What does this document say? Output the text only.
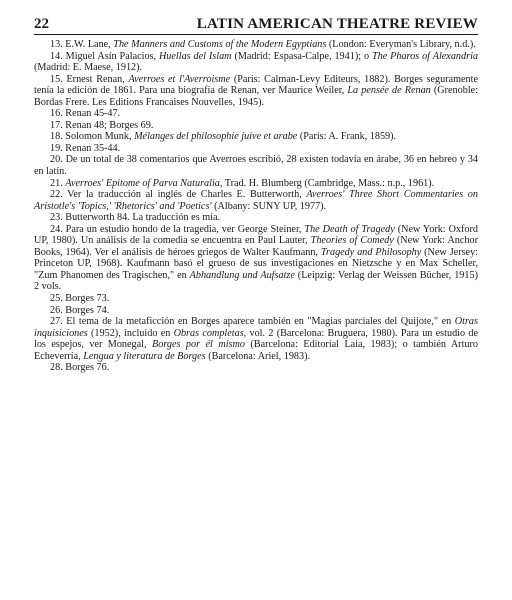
22	LATIN AMERICAN THEATRE REVIEW

13. E.W. Lane, The Manners and Customs of the Modern Egyptians (London: Everyman's Library, n.d.).

14. Miguel Asín Palacios, Huellas del Islam (Madrid: Espasa-Calpe, 1941); o The Pharos of Alexandria (Madrid: E. Maese, 1912).

15. Ernest Renan, Averroes et l'Averroisme (Paris: Calman-Levy Editeurs, 1882). Borges seguramente tenía la edición de 1861. Para una biografía de Renan, ver Maurice Weiler, La pensée de Renan (Grenoble: Bordas Frere. Les Editions Francaises Nouvelles, 1945).

16. Renan 45-47.

17. Renan 48; Borges 69.

18. Solomon Munk, Mélanges del philosophie juive et arabe (Paris: A. Frank, 1859).

19. Renan 35-44.

20. De un total de 38 comentarios que Averroes escribió, 28 existen todavía en árabe, 36 en hebreo y 34 en latín.

21. Averroes' Epitome of Parva Naturalia, Trad. H. Blumberg (Cambridge, Mass.: n.p., 1961).

22. Ver la traducción al inglés de Charles E. Butterworth, Averroes' Three Short Commentaries on Aristotle's 'Topics,' 'Rhetorics' and 'Poetics' (Albany: SUNY UP, 1977).

23. Butterworth 84. La traducción es mía.

24. Para un estudio hondo de la tragedia, ver George Steiner, The Death of Tragedy (New York: Oxford UP, 1980). Un análisis de la comedia se encuentra en Paul Lauter, Theories of Comedy (New York: Anchor Books, 1964). Ver el análisis de héroes griegos de Walter Kaufmann, Tragedy and Philosophy (New Jersey: Princeton UP, 1968). Kaufmann basó el grueso de sus investigaciones en Nietzsche y en Max Scheller, "Zum Phanomen des Tragischen," en Abhandlung und Aufsatze (Leipzig: Verlag der Weissen Bücher, 1915) 2 vols.

25. Borges 73.

26. Borges 74.

27. El tema de la metaficción en Borges aparece también en "Magias parciales del Quijote," en Otras inquisiciones (1952), incluido en Obras completas, vol. 2 (Barcelona: Bruguera, 1980). Para un estudio de los espejos, ver Monegal, Borges por él mismo (Barcelona: Editorial Laia, 1983); o también Arturo Echeverría, Lengua y literatura de Borges (Barcelona: Ariel, 1983).

28. Borges 76.
